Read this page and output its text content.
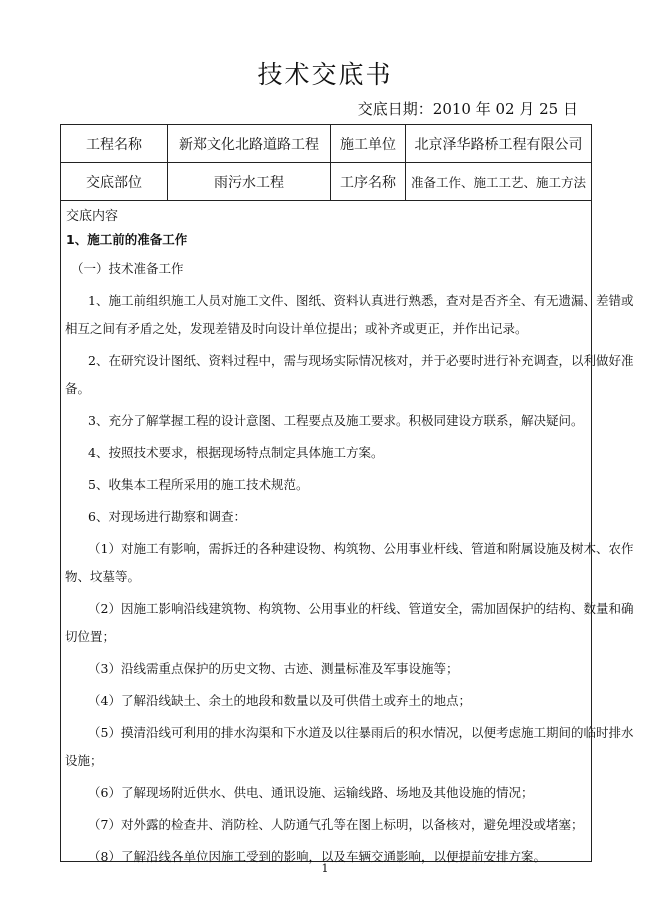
技术交底书
交底日期：2010 年 02 月 25 日
工程名称	新郑文化北路道路工程	施工单位	北京泽华路桥工程有限公司
交底部位	雨污水工程	工序名称	准备工作、施工工艺、施工方法
交底内容
1、施工前的准备工作
（一）技术准备工作
1、施工前组织施工人员对施工文件、图纸、资料认真进行熟悉，查对是否齐全、有无遗漏、差错或
相互之间有矛盾之处，发现差错及时向设计单位提出；或补齐或更正，并作出记录。
2、在研究设计图纸、资料过程中，需与现场实际情况核对，并于必要时进行补充调查，以利做好准
备。
3、充分了解掌握工程的设计意图、工程要点及施工要求。积极同建设方联系，解决疑问。
4、按照技术要求，根据现场特点制定具体施工方案。
5、收集本工程所采用的施工技术规范。
6、对现场进行勘察和调查：
（1）对施工有影响，需拆迁的各种建设物、构筑物、公用事业杆线、管道和附属设施及树木、农作
物、坟墓等。
（2）因施工影响沿线建筑物、构筑物、公用事业的杆线、管道安全，需加固保护的结构、数量和确
切位置；
（3）沿线需重点保护的历史文物、古迹、测量标准及军事设施等；
（4）了解沿线缺土、余土的地段和数量以及可供借土或弃土的地点；
（5）摸清沿线可利用的排水沟渠和下水道及以往暴雨后的积水情况，以便考虑施工期间的临时排水
设施；
（6）了解现场附近供水、供电、通讯设施、运输线路、场地及其他设施的情况；
（7）对外露的检查井、消防栓、人防通气孔等在图上标明，以备核对，避免埋没或堵塞；
（8）了解沿线各单位因施工受到的影响，以及车辆交通影响，以便提前安排方案。
1
